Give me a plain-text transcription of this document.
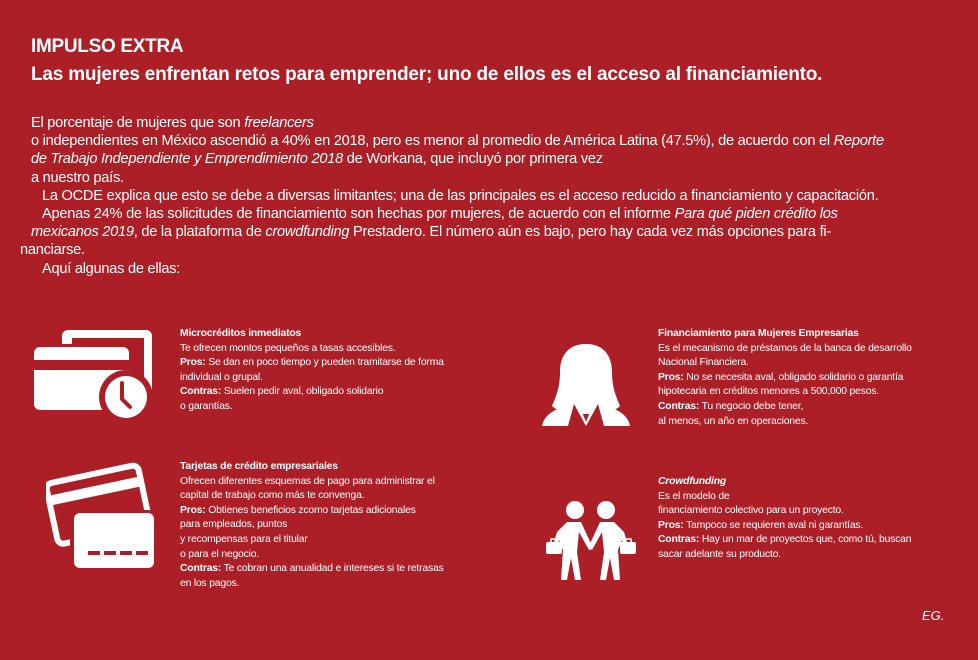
IMPULSO EXTRA
Las mujeres enfrentan retos para emprender; uno de ellos es el acceso al financiamiento.

El porcentaje de mujeres que son freelancers
o independientes en México ascendió a 40% en 2018, pero es menor al promedio de América Latina (47.5%), de acuerdo con el Reporte
de Trabajo Independiente y Emprendimiento 2018 de Workana, que incluyó por primera vez
a nuestro país.

La OCDE explica que esto se debe a diversas limitantes; una de las principales es el acceso reducido a financiamiento y capacitación.

Apenas 24% de las solicitudes de financiamiento son hechas por mujeres, de acuerdo con el informe Para qué piden crédito los
mexicanos 2019, de la plataforma de crowdfunding Prestadero. El número aún es bajo, pero hay cada vez más opciones para fi-
nanciarse.

Aquí algunas de ellas:

Microcréditos inmediatos

Te ofrecen montos pequeños a tasas accesibles.

Pros: Se dan en poco tiempo y pueden tramitarse de forma

individual o grupal.

Contras: Suelen pedir aval, obligado solidario

o garantías.

Financiamiento para Mujeres Empresarias

Es el mecanismo de préstamos de la banca de desarrollo

Nacional Financiera.

Pros: No se necesita aval, obligado solidario o garantía

hipotecaria en créditos menores a 500,000 pesos.

Contras: Tu negocio debe tener,

al menos, un año en operaciones.

Tarjetas de crédito empresariales

Ofrecen diferentes esquemas de pago para administrar el

capital de trabajo como más te convenga.

Pros: Obtienes beneficios zcomo tarjetas adicionales

para empleados, puntos

y recompensas para el titular

o para el negocio.

Contras: Te cobran una anualidad e intereses si te retrasas

en los pagos.

Crowdfunding

Es el modelo de

financiamiento colectivo para un proyecto.

Pros: Tampoco se requieren aval ni garantías.

Contras: Hay un mar de proyectos que, como tú, buscan

sacar adelante su producto.

EG.
